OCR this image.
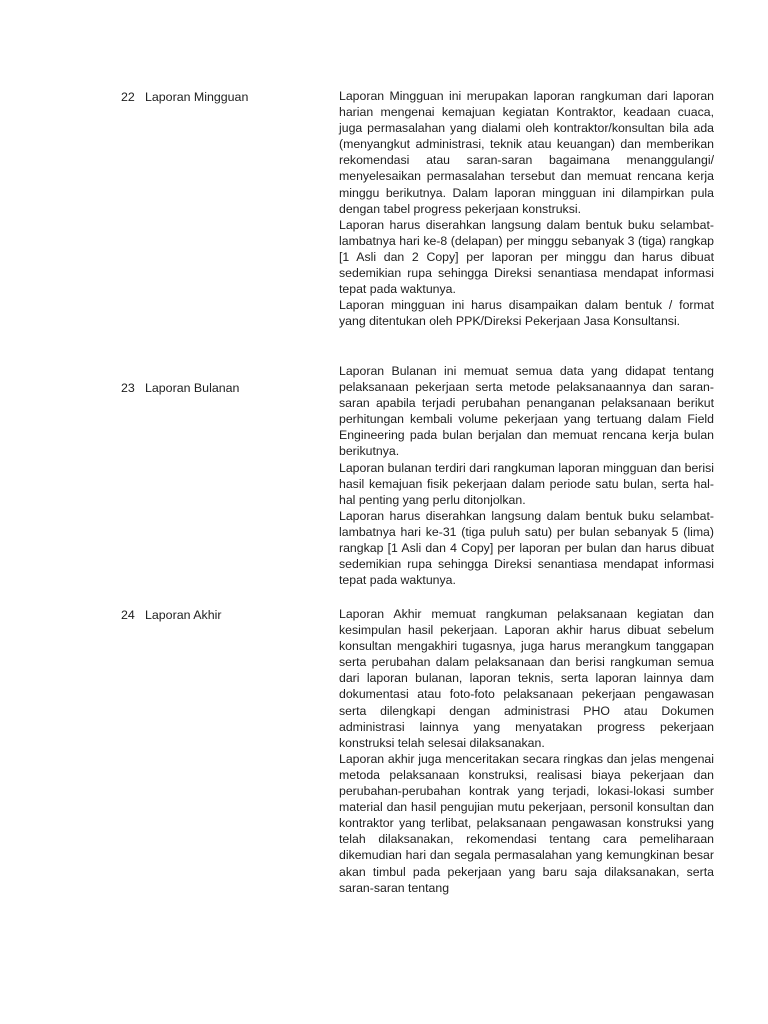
22 Laporan Mingguan	Laporan Mingguan ini merupakan laporan rangkuman dari laporan harian mengenai kemajuan kegiatan Kontraktor, keadaan cuaca, juga permasalahan yang dialami oleh kontraktor/konsultan bila ada (menyangkut administrasi, teknik atau keuangan) dan memberikan rekomendasi atau saran-saran bagaimana menanggulangi/ menyelesaikan permasalahan tersebut dan memuat rencana kerja minggu berikutnya. Dalam laporan mingguan ini dilampirkan pula dengan tabel progress pekerjaan konstruksi.

Laporan harus diserahkan langsung dalam bentuk buku selambat-lambatnya hari ke-8 (delapan) per minggu sebanyak 3 (tiga) rangkap [1 Asli dan 2 Copy] per laporan per minggu dan harus dibuat sedemikian rupa sehingga Direksi senantiasa mendapat informasi tepat pada waktunya.

Laporan mingguan ini harus disampaikan dalam bentuk / format yang ditentukan oleh PPK/Direksi Pekerjaan Jasa Konsultansi.

23 Laporan Bulanan

Laporan Bulanan ini memuat semua data yang didapat tentang pelaksanaan pekerjaan serta metode pelaksanaannya dan saran-saran apabila terjadi perubahan penanganan pelaksanaan berikut perhitungan kembali volume pekerjaan yang tertuang dalam Field Engineering pada bulan berjalan dan memuat rencana kerja bulan berikutnya.

Laporan bulanan terdiri dari rangkuman laporan mingguan dan berisi hasil kemajuan fisik pekerjaan dalam periode satu bulan, serta hal-hal penting yang perlu ditonjolkan.

Laporan harus diserahkan langsung dalam bentuk buku selambat-lambatnya hari ke-31 (tiga puluh satu) per bulan sebanyak 5 (lima) rangkap [1 Asli dan 4 Copy] per laporan per bulan dan harus dibuat sedemikian rupa sehingga Direksi senantiasa mendapat informasi tepat pada waktunya.

24 Laporan Akhir	Laporan Akhir memuat rangkuman pelaksanaan kegiatan dan kesimpulan hasil pekerjaan. Laporan akhir harus dibuat sebelum konsultan mengakhiri tugasnya, juga harus merangkum tanggapan serta perubahan dalam pelaksanaan dan berisi rangkuman semua dari laporan bulanan, laporan teknis, serta laporan lainnya dam dokumentasi atau foto-foto pelaksanaan pekerjaan pengawasan serta dilengkapi dengan administrasi PHO atau Dokumen administrasi lainnya yang menyatakan progress pekerjaan konstruksi telah selesai dilaksanakan.

Laporan akhir juga menceritakan secara ringkas dan jelas mengenai metoda pelaksanaan konstruksi, realisasi biaya pekerjaan dan perubahan-perubahan kontrak yang terjadi, lokasi-lokasi sumber material dan hasil pengujian mutu pekerjaan, personil konsultan dan kontraktor yang terlibat, pelaksanaan pengawasan konstruksi yang telah dilaksanakan, rekomendasi tentang cara pemeliharaan dikemudian hari dan segala permasalahan yang kemungkinan besar akan timbul pada pekerjaan yang baru saja dilaksanakan, serta saran-saran tentang
